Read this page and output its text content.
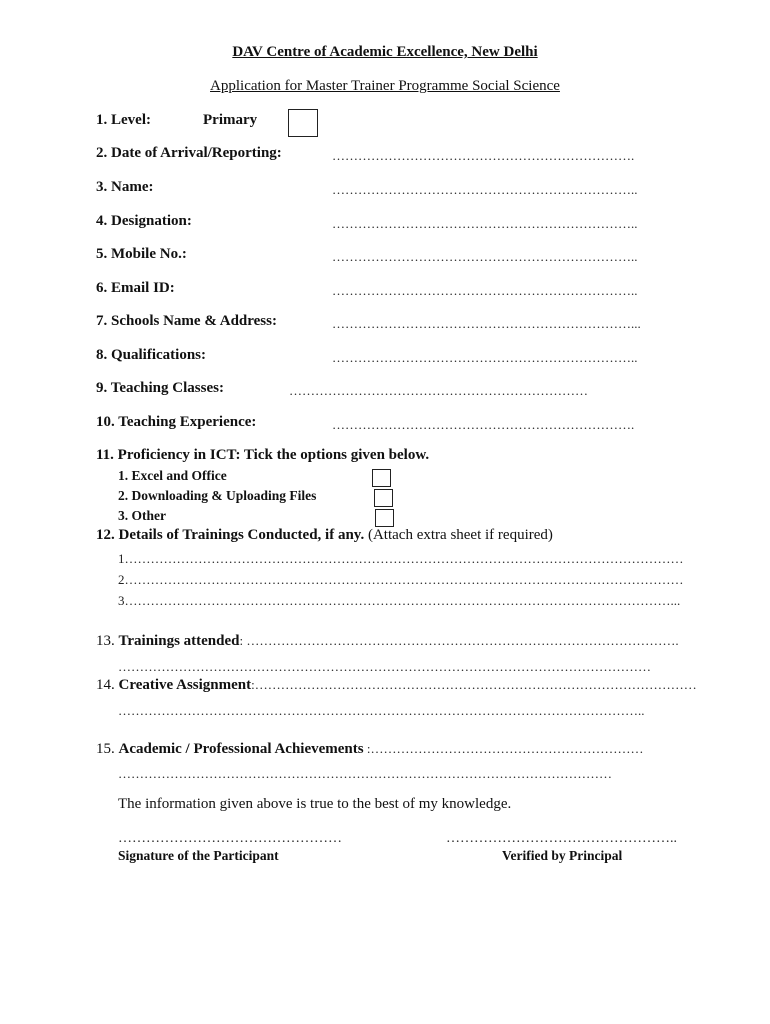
DAV Centre of Academic Excellence, New Delhi
Application for Master Trainer Programme Social Science
1. Level:	Primary
2. Date of Arrival/Reporting:	…………………………………………………………….
3. Name:	……………………………………………………………..
4. Designation:	……………………………………………………………..
5. Mobile No.:	……………………………………………………………..
6. Email ID:	……………………………………………………………..
7. Schools Name & Address:	……………………………………………………………...
8. Qualifications:	……………………………………………………………..
9. Teaching Classes:	……………………………………………………………
10. Teaching Experience:	…………………………………………………………….
11. Proficiency in ICT: Tick the options given below.
1. Excel and Office
2. Downloading & Uploading Files
3. Other
12. Details of Trainings Conducted, if any. (Attach extra sheet if required)
1…………………………………………………………………………………………………………………
2…………………………………………………………………………………………………………………
3………………………………………………………………………………………………………………...
13. Trainings attended: ……………………………………………………………………………………….
……………………………………………………………………………………………………………
14. Creative Assignment:…………………………………………………………………………………………
…………………………………………………………………………………………………………..
15. Academic / Professional Achievements :………………………………………………………
……………………………………………………………………………………………………
The information given above is true to the best of my knowledge.
…………………………………………
Signature of the Participant
…………………………………………..
Verified by Principal
